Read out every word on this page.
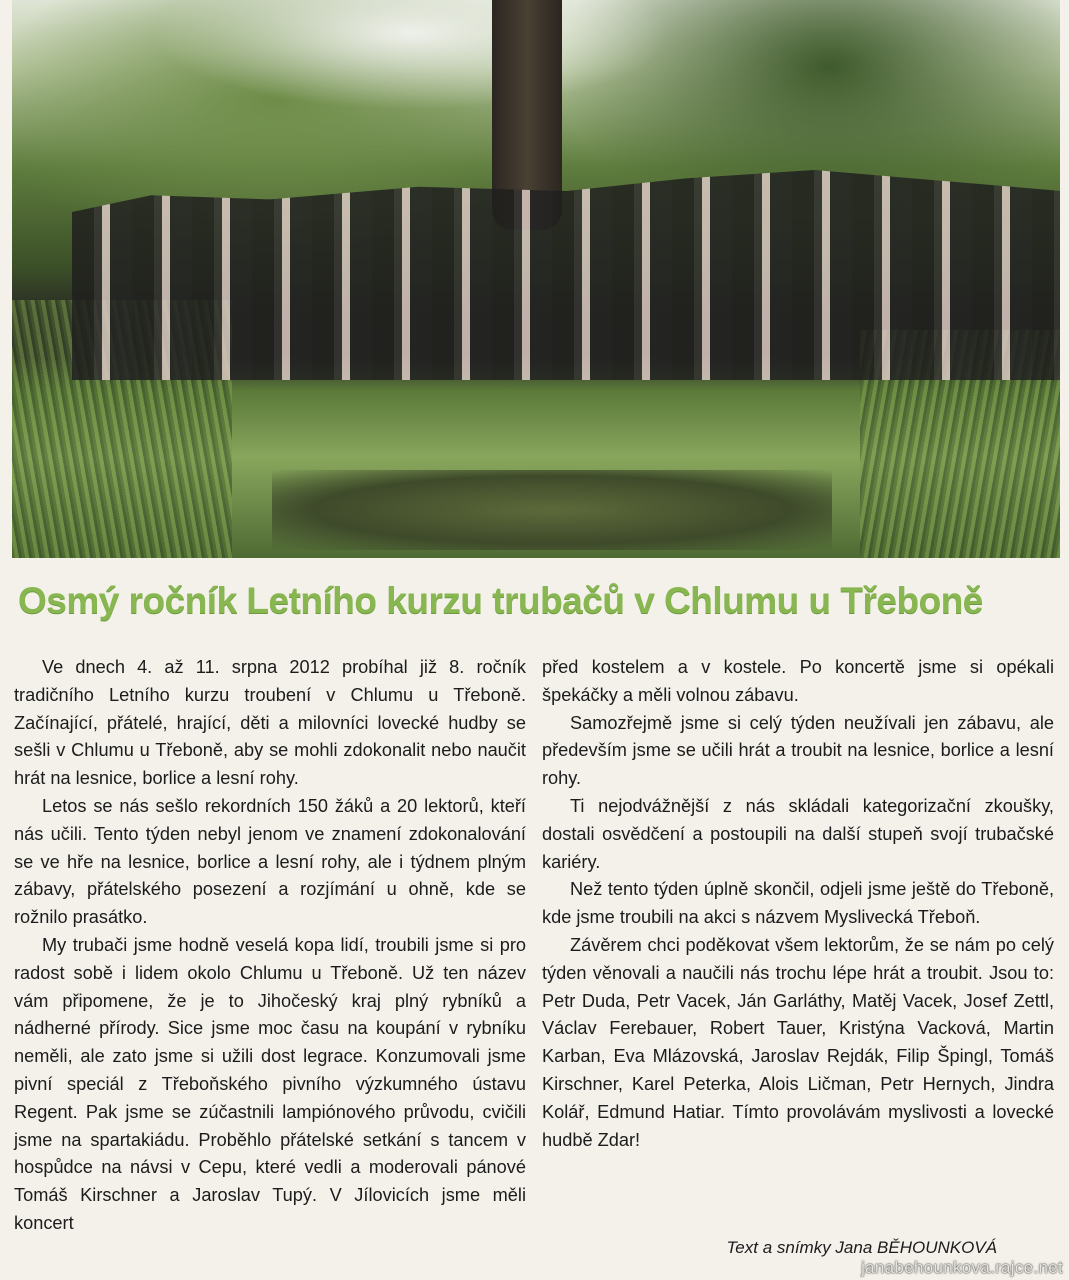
Osmý ročník Letního kurzu trubačů v Chlumu u Třeboně

Ve dnech 4. až 11. srpna 2012 probíhal již 8. ročník tradičního Letního kurzu troubení v Chlumu u Třeboně. Začínající, přátelé, hrající, děti a milovníci lovecké hudby se sešli v Chlumu u Třeboně, aby se mohli zdokonalit nebo naučit hrát na lesnice, borlice a lesní rohy.

Letos se nás sešlo rekordních 150 žáků a 20 lektorů, kteří nás učili. Tento týden nebyl jenom ve znamení zdokonalování se ve hře na lesnice, borlice a lesní rohy, ale i týdnem plným zábavy, přátelského posezení a rozjímání u ohně, kde se rožnilo prasátko.

My trubači jsme hodně veselá kopa lidí, troubili jsme si pro radost sobě i lidem okolo Chlumu u Třeboně. Už ten název vám připomene, že je to Jihočeský kraj plný rybníků a nádherné přírody. Sice jsme moc času na koupání v rybníku neměli, ale zato jsme si užili dost legrace. Konzumovali jsme pivní speciál z Třeboňského pivního výzkumného ústavu Regent. Pak jsme se zúčastnili lampiónového průvodu, cvičili jsme na spartakiádu. Proběhlo přátelské setkání s tancem v hospůdce na návsi v Cepu, které vedli a moderovali pánové Tomáš Kirschner a Jaroslav Tupý. V Jílovicích jsme měli koncert

před kostelem a v kostele. Po koncertě jsme si opékali špekáčky a měli volnou zábavu.

Samozřejmě jsme si celý týden neužívali jen zábavu, ale především jsme se učili hrát a troubit na lesnice, borlice a lesní rohy.

Ti nejodvážnější z nás skládali kategorizační zkoušky, dostali osvědčení a postoupili na další stupeň svojí trubačské kariéry.

Než tento týden úplně skončil, odjeli jsme ještě do Třeboně, kde jsme troubili na akci s názvem Myslivecká Třeboň.

Závěrem chci poděkovat všem lektorům, že se nám po celý týden věnovali a naučili nás trochu lépe hrát a troubit. Jsou to: Petr Duda, Petr Vacek, Ján Garláthy, Matěj Vacek, Josef Zettl, Václav Ferebauer, Robert Tauer, Kristýna Vacková, Martin Karban, Eva Mlázovská, Jaroslav Rejdák, Filip Špingl, Tomáš Kirschner, Karel Peterka, Alois Ličman, Petr Hernych, Jindra Kolář, Edmund Hatiar. Tímto provolávám myslivosti a lovecké hudbě Zdar!

Text a snímky Jana BĚHOUNKOVÁ
janabehounkova.rajce.net
